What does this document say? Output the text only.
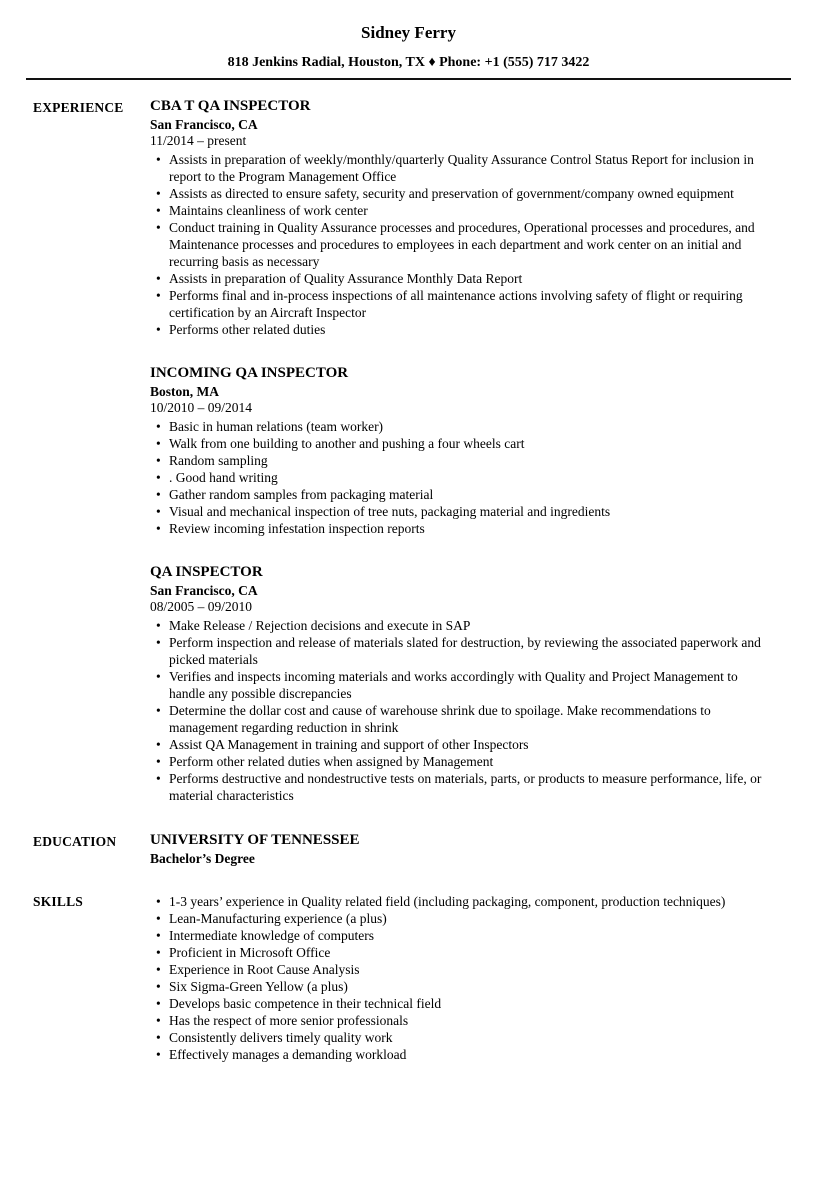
Sidney Ferry
818 Jenkins Radial, Houston, TX ♦ Phone: +1 (555) 717 3422
EXPERIENCE	CBA T QA INSPECTOR
San Francisco, CA
11/2014 – present
• Assists in preparation of weekly/monthly/quarterly Quality Assurance Control Status Report for inclusion in report to the Program Management Office
• Assists as directed to ensure safety, security and preservation of government/company owned equipment
• Maintains cleanliness of work center
• Conduct training in Quality Assurance processes and procedures, Operational processes and procedures, and Maintenance processes and procedures to employees in each department and work center on an initial and recurring basis as necessary
• Assists in preparation of Quality Assurance Monthly Data Report
• Performs final and in-process inspections of all maintenance actions involving safety of flight or requiring certification by an Aircraft Inspector
• Performs other related duties
INCOMING QA INSPECTOR
Boston, MA
10/2010 – 09/2014
• Basic in human relations (team worker)
• Walk from one building to another and pushing a four wheels cart
• Random sampling
• . Good hand writing
• Gather random samples from packaging material
• Visual and mechanical inspection of tree nuts, packaging material and ingredients
• Review incoming infestation inspection reports
QA INSPECTOR
San Francisco, CA
08/2005 – 09/2010
• Make Release / Rejection decisions and execute in SAP
• Perform inspection and release of materials slated for destruction, by reviewing the associated paperwork and picked materials
• Verifies and inspects incoming materials and works accordingly with Quality and Project Management to handle any possible discrepancies
• Determine the dollar cost and cause of warehouse shrink due to spoilage. Make recommendations to management regarding reduction in shrink
• Assist QA Management in training and support of other Inspectors
• Perform other related duties when assigned by Management
• Performs destructive and nondestructive tests on materials, parts, or products to measure performance, life, or material characteristics
EDUCATION	UNIVERSITY OF TENNESSEE
Bachelor’s Degree
SKILLS	• 1-3 years’ experience in Quality related field (including packaging, component, production techniques)
• Lean-Manufacturing experience (a plus)
• Intermediate knowledge of computers
• Proficient in Microsoft Office
• Experience in Root Cause Analysis
• Six Sigma-Green Yellow (a plus)
• Develops basic competence in their technical field
• Has the respect of more senior professionals
• Consistently delivers timely quality work
• Effectively manages a demanding workload
